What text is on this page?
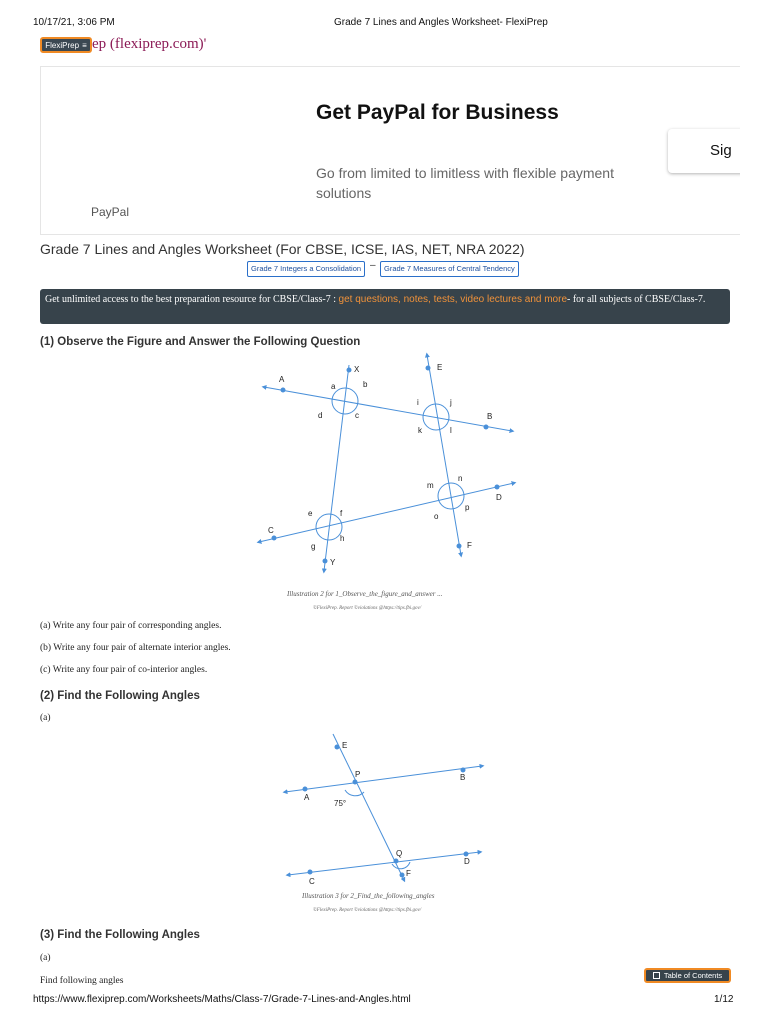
10/17/21, 3:06 PM	Grade 7 Lines and Angles Worksheet- FlexiPrep
FlexiPrep ≡ ep (flexiprep.com)'
Get PayPal for Business
Go from limited to limitless with flexible payment solutions
PayPal
Sig
Grade 7 Lines and Angles Worksheet (For CBSE, ICSE, IAS, NET, NRA 2022)
Grade 7 Integers a Consolidation –	Grade 7 Measures of Central Tendency
Get unlimited access to the best preparation resource for CBSE/Class-7 : get questions, notes, tests, video lectures and more- for all subjects of CBSE/Class-7.
(1) Observe the Figure and Answer the Following Question
A
B
C
D
E
F
X
Y
a	b
c
d
i	j
k	l
e	f
g
h
m
n
o
p
Illustration 2 for 1_Observe_the_figure_and_answer ...
©FlexiPrep. Report ©violations @https://tips.fbi.gov/
(a) Write any four pair of corresponding angles.
(b) Write any four pair of alternate interior angles.
(c) Write any four pair of co-interior angles.
(2) Find the Following Angles
(a)
E
P	B
A
75°
Q
D
C
F
Illustration 3 for 2_Find_the_following_angles
©FlexiPrep. Report ©violations @https://tips.fbi.gov/
(3) Find the Following Angles
(a)
Find following angles
Table of Contents
https://www.flexiprep.com/Worksheets/Maths/Class-7/Grade-7-Lines-and-Angles.html	1/12
